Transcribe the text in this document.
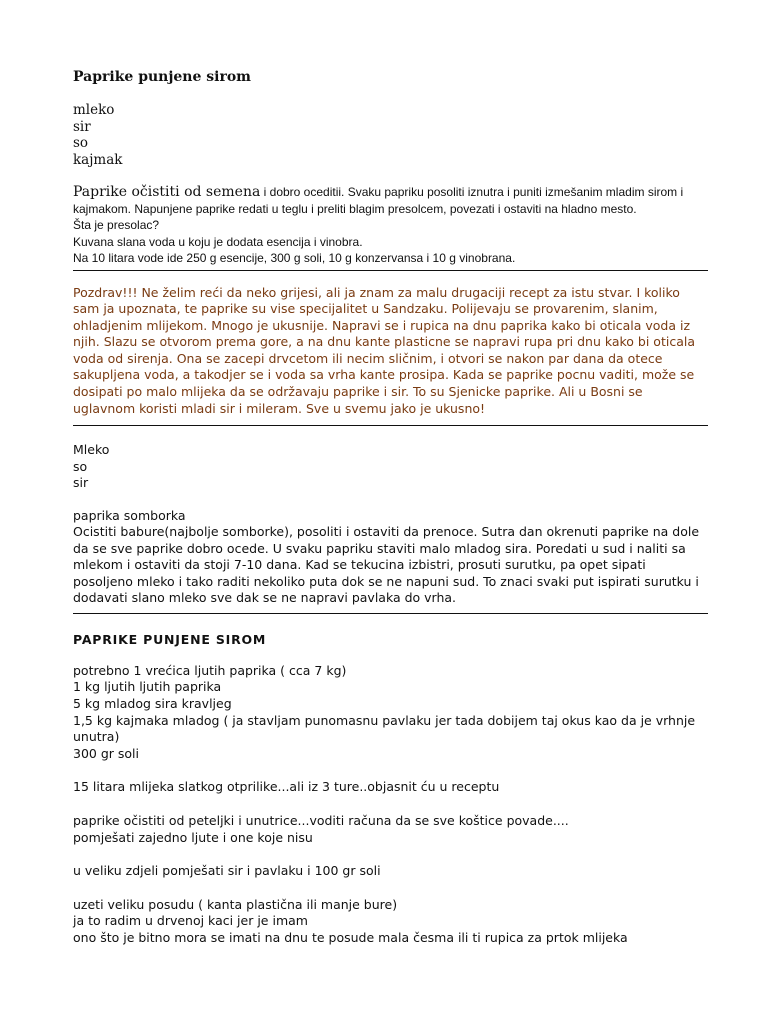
Paprike punjene sirom
mleko
sir
so
kajmak
Paprike očistiti od semena i dobro oceditii. Svaku papriku posoliti iznutra i puniti izmešanim mladim sirom i kajmakom. Napunjene paprike redati u teglu i preliti blagim presolcem, povezati i ostaviti na hladno mesto.
Šta je presolac?
Kuvana slana voda u koju je dodata esencija i vinobra.
Na 10 litara vode ide 250 g esencije, 300 g soli, 10 g konzervansa i 10 g vinobrana.
Pozdrav!!! Ne želim reći da neko grijesi, ali ja znam za malu drugaciji recept za istu stvar. I koliko sam ja upoznata, te paprike su vise specijalitet u Sandzaku. Polijevaju se provarenim, slanim, ohladjenim mlijekom. Mnogo je ukusnije. Napravi se i rupica na dnu paprika kako bi oticala voda iz njih. Slazu se otvorom prema gore, a na dnu kante plasticne se napravi rupa pri dnu kako bi oticala voda od sirenja. Ona se zacepi drvcetom ili necim sličnim, i otvori se nakon par dana da otece sakupljena voda, a takodjer se i voda sa vrha kante prosipa. Kada se paprike pocnu vaditi, može se dosipati po malo mlijeka da se održavaju paprike i sir. To su Sjenicke paprike. Ali u Bosni se uglavnom koristi mladi sir i mileram. Sve u svemu jako je ukusno!
Mleko
so
sir
paprika somborka
Ocistiti babure(najbolje somborke), posoliti i ostaviti da prenoce. Sutra dan okrenuti paprike na dole da se sve paprike dobro ocede. U svaku papriku staviti malo mladog sira. Poredati u sud i naliti sa mlekom i ostaviti da stoji 7-10 dana. Kad se tekucina izbistri, prosuti surutku, pa opet sipati posoljeno mleko i tako raditi nekoliko puta dok se ne napuni sud. To znaci svaki put ispirati surutku i dodavati slano mleko sve dak se ne napravi pavlaka do vrha.
PAPRIKE PUNJENE SIROM
potrebno 1 vrećica ljutih paprika ( cca 7 kg)
1 kg ljutih ljutih paprika
5 kg mladog sira kravljeg
1,5 kg kajmaka mladog ( ja stavljam punomasnu pavlaku jer tada dobijem taj okus kao da je vrhnje unutra)
300 gr soli
15 litara mlijeka slatkog otprilike...ali iz 3 ture..objasnit ću u receptu
paprike očistiti od peteljki i unutrice...voditi računa da se sve koštice povade....
pomješati zajedno ljute i one koje nisu
u veliku zdjeli pomješati sir i pavlaku i 100 gr soli
uzeti veliku posudu ( kanta plastična ili manje bure)
ja to radim u drvenoj kaci jer je imam
ono što je bitno mora se imati na dnu te posude mala česma ili ti rupica za prtok mlijeka
